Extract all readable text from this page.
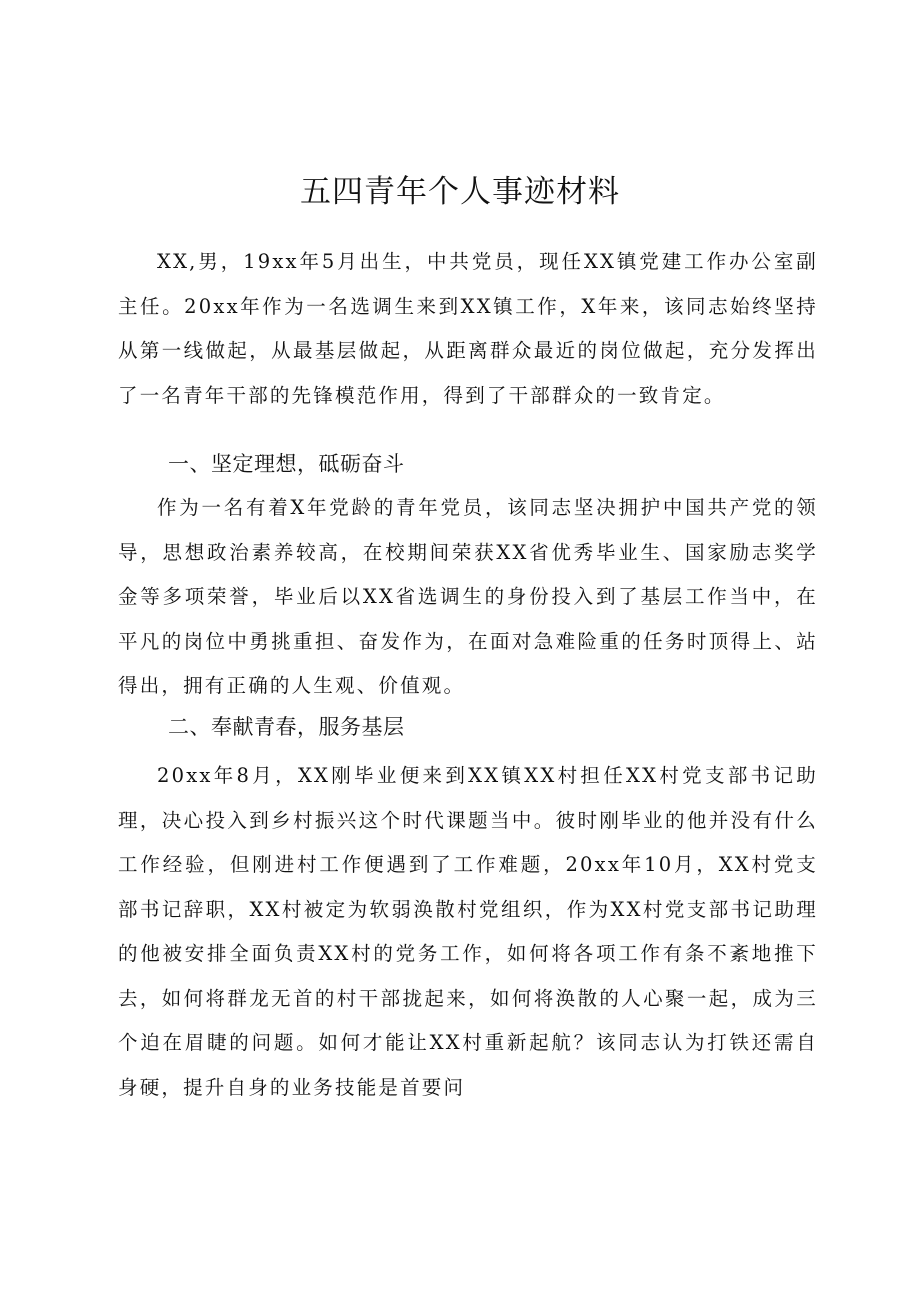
五四青年个人事迹材料

XX,男，19xx年5月出生，中共党员，现任XX镇党建工作办公室副主任。20xx年作为一名选调生来到XX镇工作，X年来，该同志始终坚持从第一线做起，从最基层做起，从距离群众最近的岗位做起，充分发挥出了一名青年干部的先锋模范作用，得到了干部群众的一致肯定。

一、坚定理想，砥砺奋斗

作为一名有着X年党龄的青年党员，该同志坚决拥护中国共产党的领导，思想政治素养较高，在校期间荣获XX省优秀毕业生、国家励志奖学金等多项荣誉，毕业后以XX省选调生的身份投入到了基层工作当中，在平凡的岗位中勇挑重担、奋发作为，在面对急难险重的任务时顶得上、站得出，拥有正确的人生观、价值观。

二、奉献青春，服务基层

20xx年8月，XX刚毕业便来到XX镇XX村担任XX村党支部书记助理，决心投入到乡村振兴这个时代课题当中。彼时刚毕业的他并没有什么工作经验，但刚进村工作便遇到了工作难题，20xx年10月，XX村党支部书记辞职，XX村被定为软弱涣散村党组织，作为XX村党支部书记助理的他被安排全面负责XX村的党务工作，如何将各项工作有条不紊地推下去，如何将群龙无首的村干部拢起来，如何将涣散的人心聚一起，成为三个迫在眉睫的问题。如何才能让XX村重新起航？该同志认为打铁还需自身硬，提升自身的业务技能是首要问
